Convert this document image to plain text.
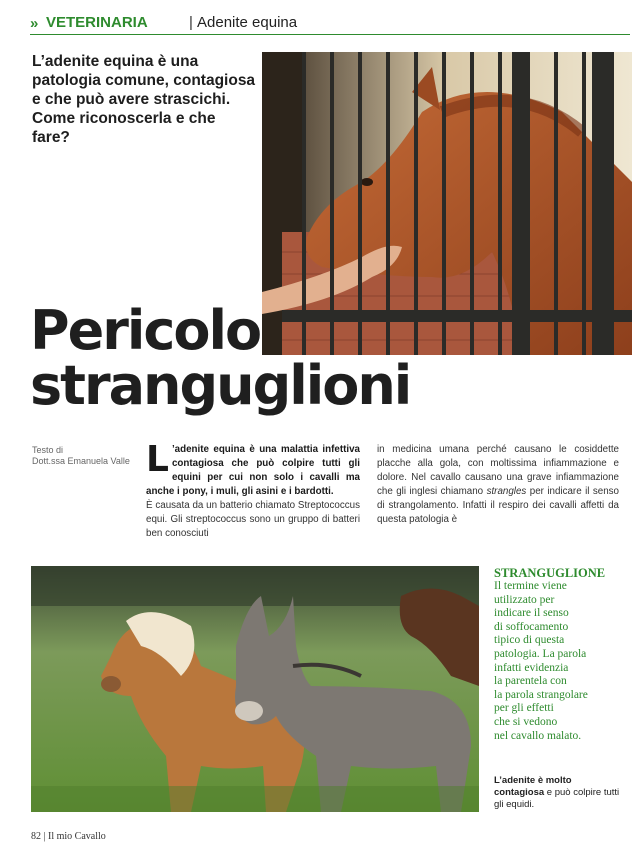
» VETERINARIA	| Adenite equina

L’adenite equina è una patologia comune, contagiosa e che può avere strascichi. Come riconoscerla e che fare?

Pericolo
stranguglioni
Testo di
Dott.ssa Emanuela Valle L ’adenite equina è una malattia infettiva contagiosa che può colpire tutti gli equini per cui non solo i cavalli ma anche i pony, i muli, gli asini e i bardotti.

È causata da un batterio chiamato Streptococcus equi. Gli streptococcus sono un gruppo di batteri ben conosciuti

in medicina umana perché causano le cosiddette placche alla gola, con moltissima infiammazione e dolore. Nel cavallo causano una grave infiammazione che gli inglesi chiamano strangles per indicare il senso di strangolamento. Infatti il respiro dei cavalli affetti da questa patologia è

STRANGUGLIONE

Il termine viene
utilizzato per
indicare il senso
di soffocamento
tipico di questa
patologia. La parola
infatti evidenzia
la parentela con
la parola strangolare
per gli effetti
che si vedono
nel cavallo malato.

L’adenite è molto contagiosa e può colpire tutti gli equidi.
82 | Il mio Cavallo
